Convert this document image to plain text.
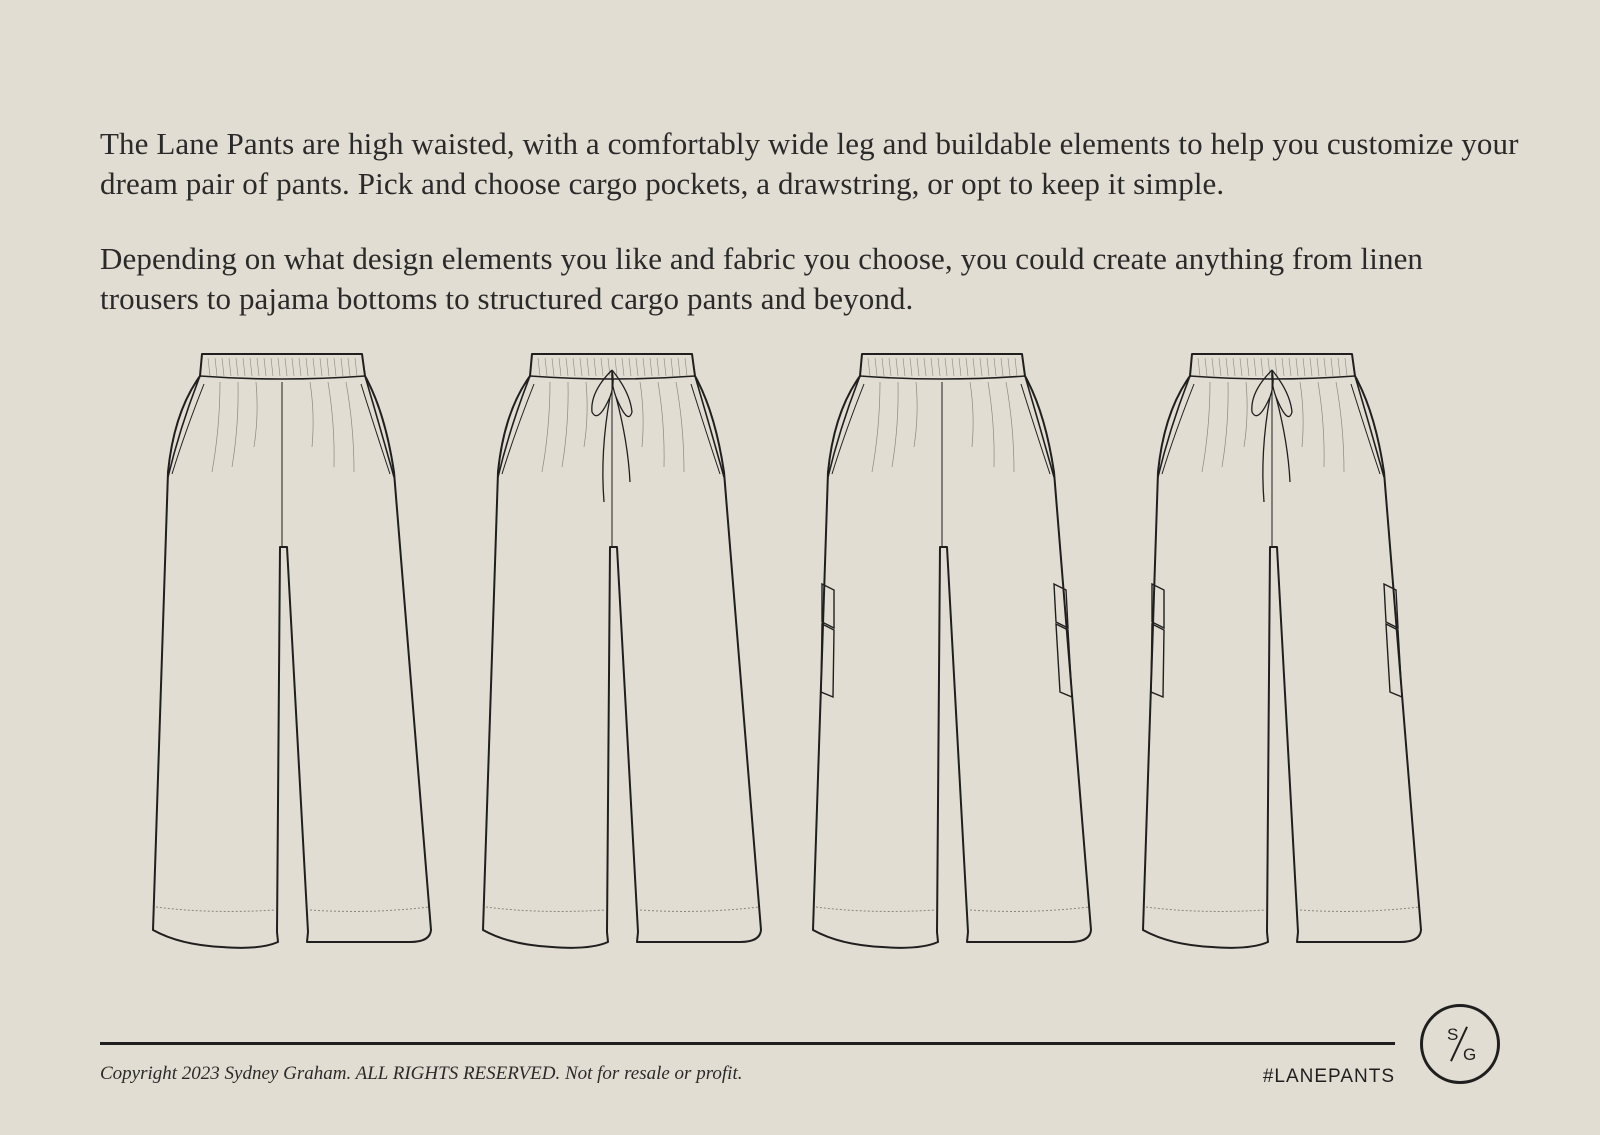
The Lane Pants are high waisted, with a comfortably wide leg and buildable elements to help you customize your dream pair of pants. Pick and choose cargo pockets, a drawstring, or opt to keep it simple.

Depending on what design elements you like and fabric you choose, you could create anything from linen trousers to pajama bottoms to structured cargo pants and beyond.

Copyright 2023 Sydney Graham. ALL RIGHTS RESERVED. Not for resale or profit.	#LANEPANTS
S
G
